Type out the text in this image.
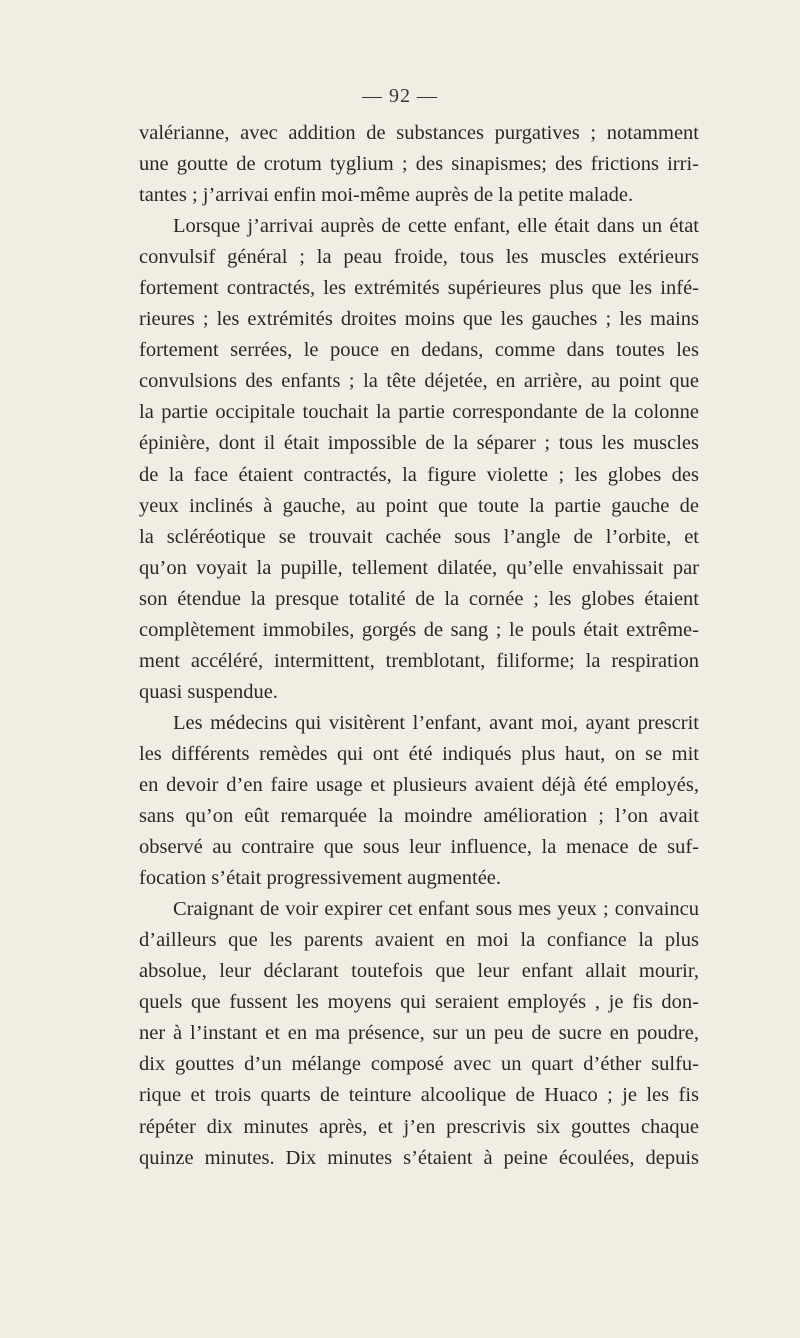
— 92 —
valérianne, avec addition de substances purgatives ; notamment
une goutte de crotum tyglium ; des sinapismes; des frictions irri-
tantes ; j’arrivai enfin moi-même auprès de la petite malade.
Lorsque j’arrivai auprès de cette enfant, elle était dans un état
convulsif général ; la peau froide, tous les muscles extérieurs
fortement contractés, les extrémités supérieures plus que les infé-
rieures ; les extrémités droites moins que les gauches ; les mains
fortement serrées, le pouce en dedans, comme dans toutes les
convulsions des enfants ; la tête déjetée, en arrière, au point que
la partie occipitale touchait la partie correspondante de la colonne
épinière, dont il était impossible de la séparer ; tous les muscles
de la face étaient contractés, la figure violette ; les globes des
yeux inclinés à gauche, au point que toute la partie gauche de
la scléréotique se trouvait cachée sous l’angle de l’orbite, et
qu’on voyait la pupille, tellement dilatée, qu’elle envahissait par
son étendue la presque totalité de la cornée ; les globes étaient
complètement immobiles, gorgés de sang ; le pouls était extrême-
ment accéléré, intermittent, tremblotant, filiforme; la respiration
quasi suspendue.
Les médecins qui visitèrent l’enfant, avant moi, ayant prescrit
les différents remèdes qui ont été indiqués plus haut, on se mit
en devoir d’en faire usage et plusieurs avaient déjà été employés,
sans qu’on eût remarquée la moindre amélioration ; l’on avait
observé au contraire que sous leur influence, la menace de suf-
focation s’était progressivement augmentée.
Craignant de voir expirer cet enfant sous mes yeux ; convaincu
d’ailleurs que les parents avaient en moi la confiance la plus
absolue, leur déclarant toutefois que leur enfant allait mourir,
quels que fussent les moyens qui seraient employés , je fis don-
ner à l’instant et en ma présence, sur un peu de sucre en poudre,
dix gouttes d’un mélange composé avec un quart d’éther sulfu-
rique et trois quarts de teinture alcoolique de Huaco ; je les fis
répéter dix minutes après, et j’en prescrivis six gouttes chaque
quinze minutes. Dix minutes s’étaient à peine écoulées, depuis
